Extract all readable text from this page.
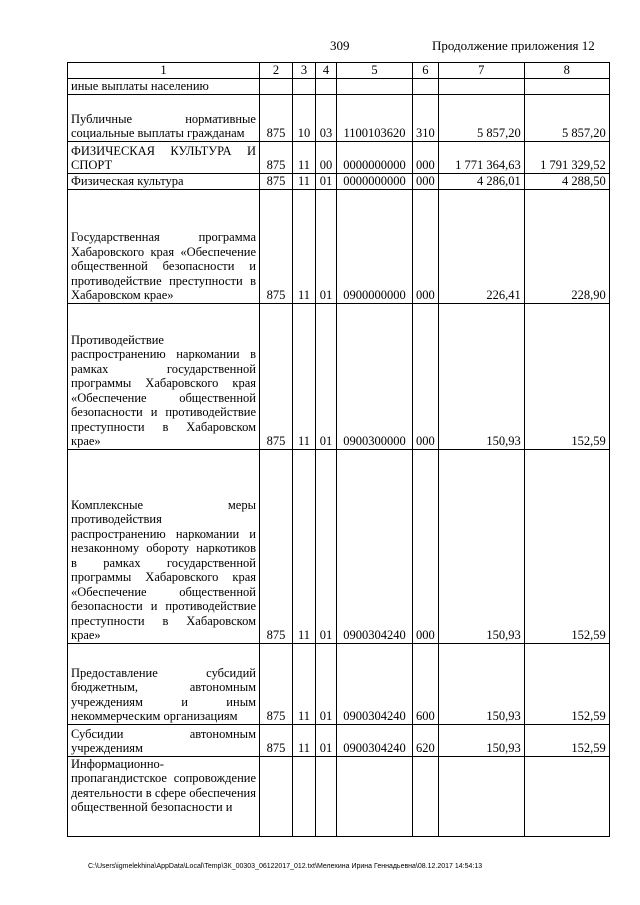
309	Продолжение приложения 12
1	2	3	4	5	6	7	8
иные выплаты населению							
Публичные нормативные социальные выплаты гражданам	875	10	03	1100103620	310	5 857,20	5 857,20
ФИЗИЧЕСКАЯ КУЛЬТУРА И СПОРТ	875	11	00	0000000000	000	1 771 364,63	1 791 329,52
Физическая культура	875	11	01	0000000000	000	4 286,01	4 288,50
Государственная программа Хабаровского края «Обеспечение общественной безопасности и противодействие преступности в Хабаровском крае»	875	11	01	0900000000	000	226,41	228,90
Противодействие распространению наркомании в рамках государственной программы Хабаровского края «Обеспечение общественной безопасности и противодействие преступности в Хабаровском крае»	875	11	01	0900300000	000	150,93	152,59
Комплексные меры противодействия распространению наркомании и незаконному обороту наркотиков в рамках государственной программы Хабаровского края «Обеспечение общественной безопасности и противодействие преступности в Хабаровском крае»	875	11	01	0900304240	000	150,93	152,59
Предоставление субсидий бюджетным, автономным учреждениям и иным некоммерческим организациям	875	11	01	0900304240	600	150,93	152,59
Субсидии автономным учреждениям	875	11	01	0900304240	620	150,93	152,59
Информационно-пропагандистское сопровождение деятельности в сфере обеспечения общественной безопасности и							
C:\Users\igmelekhina\AppData\Local\Temp\ЗК_00303_06122017_012.txt\Мелехина Ирина Геннадьевна\08.12.2017 14:54:13
